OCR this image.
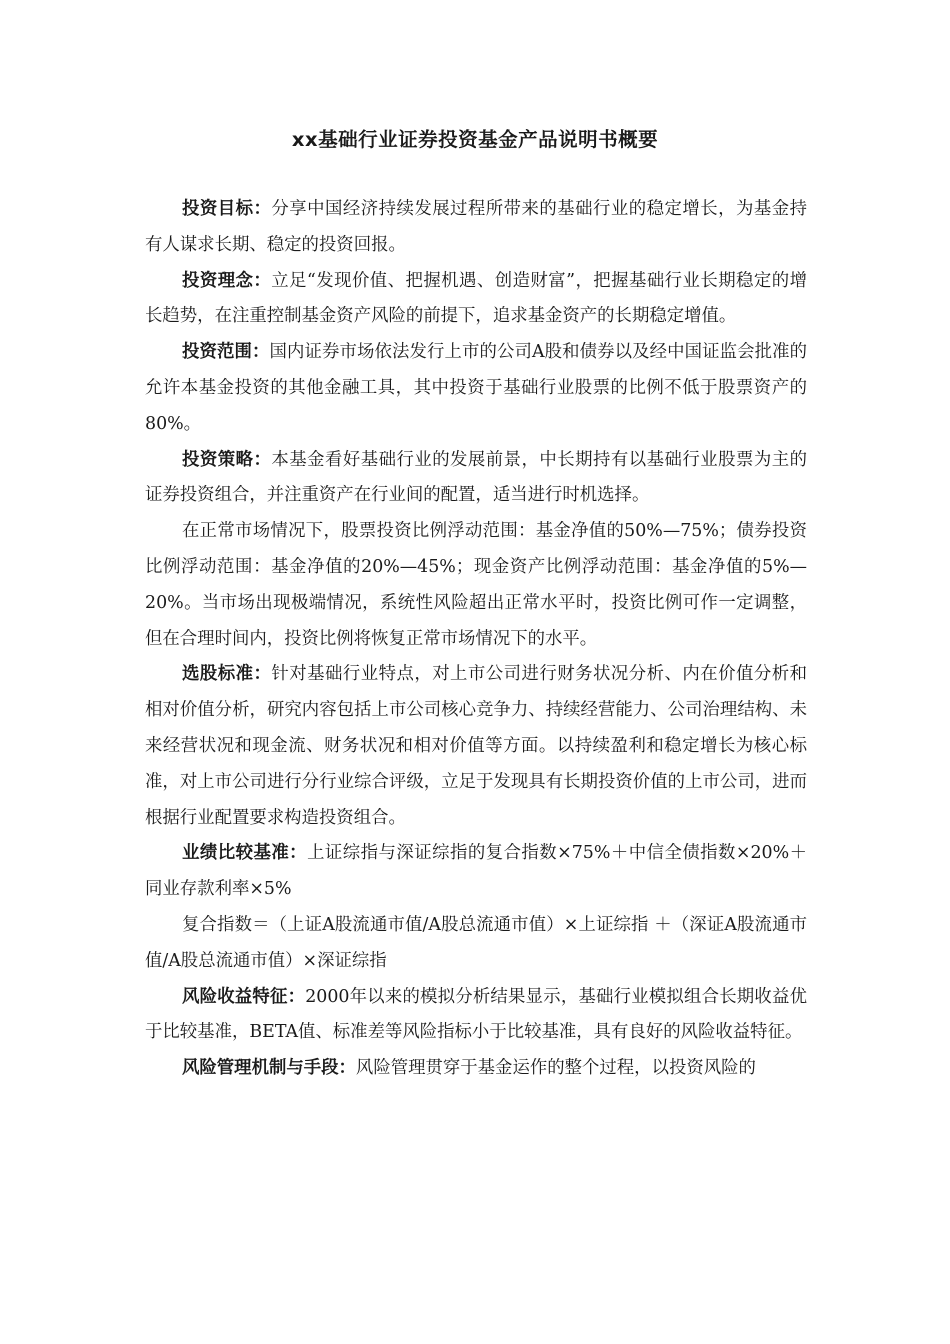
xx基础行业证券投资基金产品说明书概要

投资目标：分享中国经济持续发展过程所带来的基础行业的稳定增长，为基金持有人谋求长期、稳定的投资回报。

投资理念：立足“发现价值、把握机遇、创造财富”，把握基础行业长期稳定的增长趋势，在注重控制基金资产风险的前提下，追求基金资产的长期稳定增值。

投资范围：国内证券市场依法发行上市的公司A股和债券以及经中国证监会批准的允许本基金投资的其他金融工具，其中投资于基础行业股票的比例不低于股票资产的80%。

投资策略：本基金看好基础行业的发展前景，中长期持有以基础行业股票为主的证券投资组合，并注重资产在行业间的配置，适当进行时机选择。

在正常市场情况下，股票投资比例浮动范围：基金净值的50%—75%；债券投资比例浮动范围：基金净值的20%—45%；现金资产比例浮动范围：基金净值的5%—20%。当市场出现极端情况，系统性风险超出正常水平时，投资比例可作一定调整，但在合理时间内，投资比例将恢复正常市场情况下的水平。

选股标准：针对基础行业特点，对上市公司进行财务状况分析、内在价值分析和相对价值分析，研究内容包括上市公司核心竞争力、持续经营能力、公司治理结构、未来经营状况和现金流、财务状况和相对价值等方面。以持续盈利和稳定增长为核心标准，对上市公司进行分行业综合评级，立足于发现具有长期投资价值的上市公司，进而根据行业配置要求构造投资组合。

业绩比较基准：上证综指与深证综指的复合指数×75%＋中信全债指数×20%＋同业存款利率×5%

复合指数＝（上证A股流通市值/A股总流通市值）×上证综指 ＋（深证A股流通市值/A股总流通市值）×深证综指

风险收益特征：2000年以来的模拟分析结果显示，基础行业模拟组合长期收益优于比较基准，BETA值、标准差等风险指标小于比较基准，具有良好的风险收益特征。

风险管理机制与手段：风险管理贯穿于基金运作的整个过程，以投资风险的
